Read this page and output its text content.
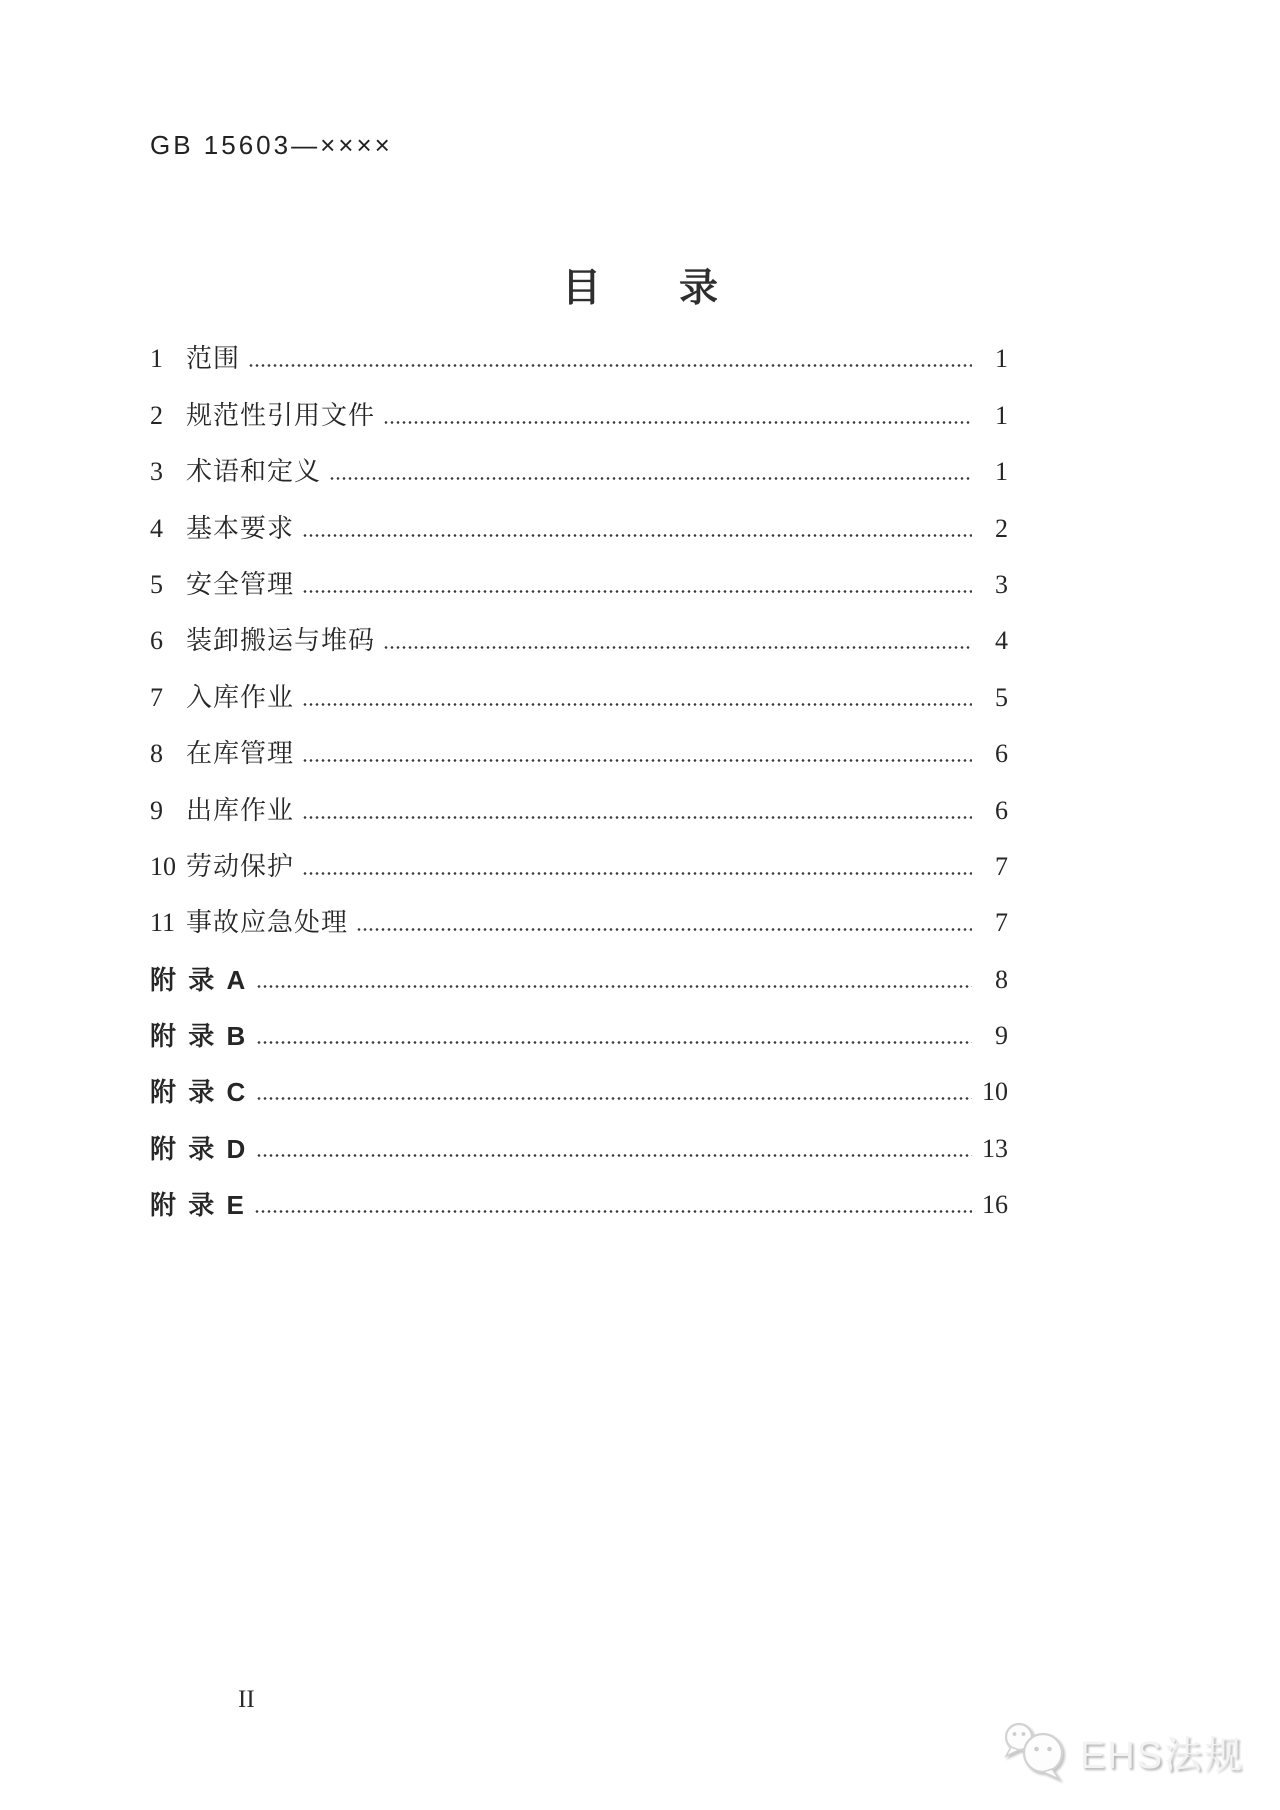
GB 15603—××××
目　　录
1 范围	1
2 规范性引用文件	1
3 术语和定义	1
4 基本要求	2
5 安全管理	3
6 装卸搬运与堆码	4
7 入库作业	5
8 在库管理	6
9 出库作业	6
10 劳动保护	7
11 事故应急处理	7
附 录 A	8
附 录 B	9
附 录 C	10
附 录 D	13
附 录 E	16
II
EHS法规
